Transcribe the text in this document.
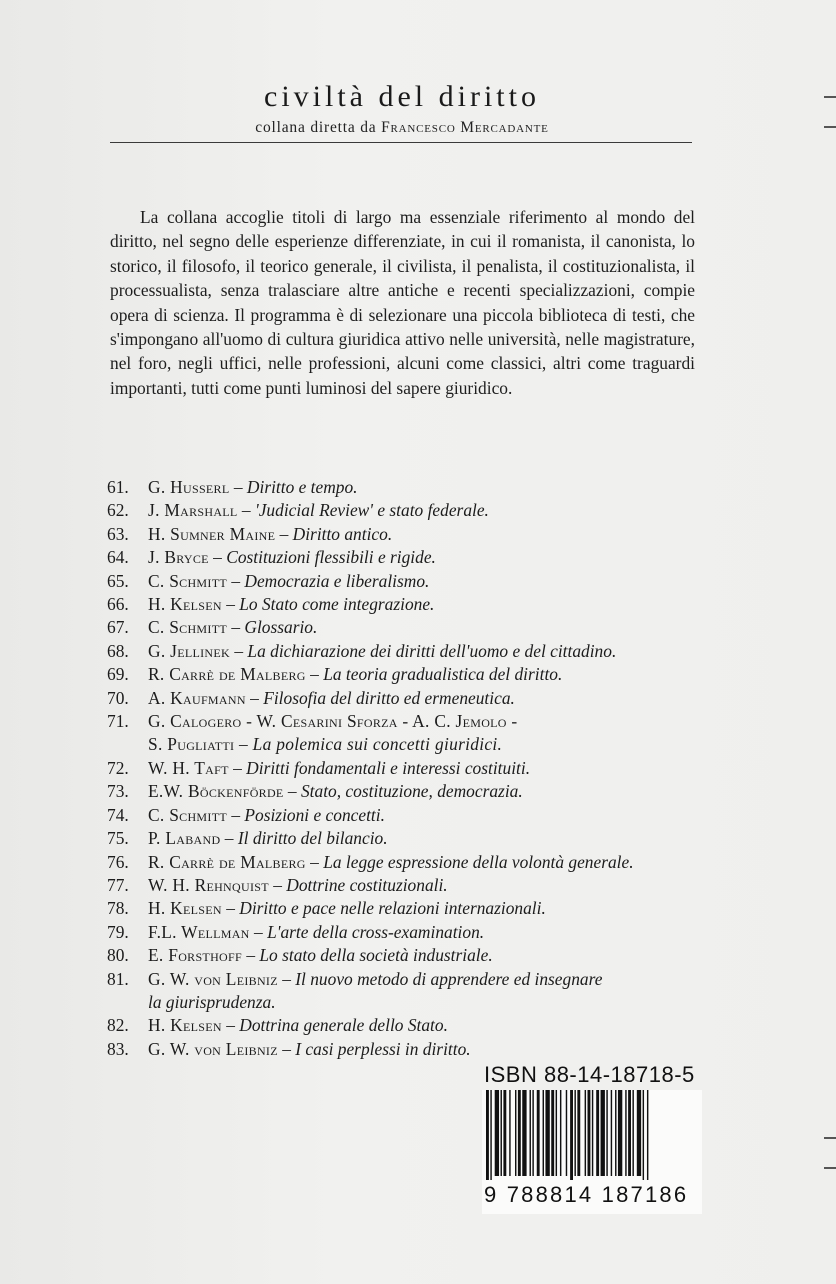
civiltà del diritto
collana diretta da Francesco Mercadante

La collana accoglie titoli di largo ma essenziale riferimento al mondo del diritto, nel segno delle esperienze differenziate, in cui il romanista, il canonista, lo storico, il filosofo, il teorico generale, il civilista, il penalista, il costituzionalista, il processualista, senza tralasciare altre antiche e recenti specializzazioni, compie opera di scienza. Il programma è di selezionare una piccola biblioteca di testi, che s'impongano all'uomo di cultura giuridica attivo nelle università, nelle magistrature, nel foro, negli uffici, nelle professioni, alcuni come classici, altri come traguardi importanti, tutti come punti luminosi del sapere giuridico.

61. G. Husserl – Diritto e tempo.
62. J. Marshall – 'Judicial Review' e stato federale.
63. H. Sumner Maine – Diritto antico.
64. J. Bryce – Costituzioni flessibili e rigide.
65. C. Schmitt – Democrazia e liberalismo.
66. H. Kelsen – Lo Stato come integrazione.
67. C. Schmitt – Glossario.
68. G. Jellinek – La dichiarazione dei diritti dell'uomo e del cittadino.
69. R. Carrè de Malberg – La teoria gradualistica del diritto.
70. A. Kaufmann – Filosofia del diritto ed ermeneutica.
71. G. Calogero - W. Cesarini Sforza - A. C. Jemolo -
S. Pugliatti – La polemica sui concetti giuridici.
72. W. H. Taft – Diritti fondamentali e interessi costituiti.
73. E.W. Böckenförde – Stato, costituzione, democrazia.
74. C. Schmitt – Posizioni e concetti.
75. P. Laband – Il diritto del bilancio.
76. R. Carrè de Malberg – La legge espressione della volontà generale.
77. W. H. Rehnquist – Dottrine costituzionali.
78. H. Kelsen – Diritto e pace nelle relazioni internazionali.
79. F.L. Wellman – L'arte della cross-examination.
80. E. Forsthoff – Lo stato della società industriale.
81. G. W. von Leibniz – Il nuovo metodo di apprendere ed insegnare
la giurisprudenza.
82. H. Kelsen – Dottrina generale dello Stato.
83. G. W. von Leibniz – I casi perplessi in diritto.
ISBN 88-14-18718-5
9 788814 187186
